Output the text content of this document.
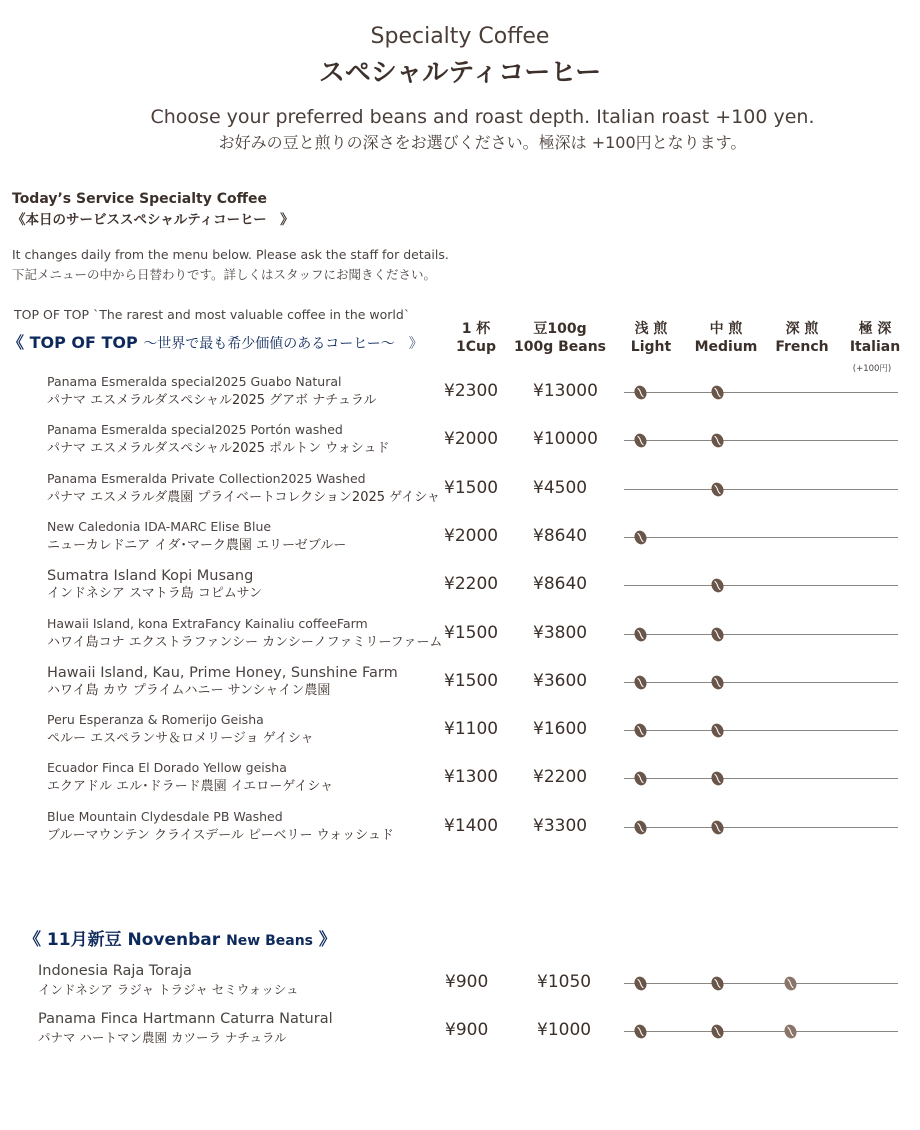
Specialty Coffee
スペシャルティコーヒー
Choose your preferred beans and roast depth. Italian roast +100 yen.
お好みの豆と煎りの深さをお選びください。極深は +100円となります。
Today’s Service Specialty Coffee
《本日のサービススペシャルティコーヒー　》
It changes daily from the menu below. Please ask the staff for details.
下記メニューの中から日替わりです。詳しくはスタッフにお聞きください。
TOP OF TOP `The rarest and most valuable coffee in the world`
《 TOP OF TOP 〜世界で最も希少価値のあるコーヒー〜　》
1 杯
1Cup
豆100g
100g Beans
浅 煎
Light
中 煎
Medium
深 煎
French
極 深
Italian
(+100円)
Panama Esmeralda special2025 Guabo Natural
パナマ エスメラルダスペシャル2025 グアボ ナチュラル	¥2300 ¥13000
Panama Esmeralda special2025 Portón washed
パナマ エスメラルダスペシャル2025 ポルトン ウォシュド	¥2000 ¥10000
Panama Esmeralda Private Collection2025 Washed
パナマ エスメラルダ農園 プライベートコレクション2025 ゲイシャ ¥1500 ¥4500
New Caledonia IDA-MARC Elise Blue
ニューカレドニア イダ･マーク農園 エリーゼブルー	¥2000 ¥8640
Sumatra Island Kopi Musang
インドネシア スマトラ島 コピムサン	¥2200 ¥8640
Hawaii Island, kona ExtraFancy Kainaliu coffeeFarm
ハワイ島コナ エクストラファンシー カンシーノファミリーファーム ¥1500 ¥3800
Hawaii Island, Kau, Prime Honey, Sunshine Farm
ハワイ島 カウ プライムハニー サンシャイン農園	¥1500 ¥3600
Peru Esperanza & Romerijo Geisha
ペルー エスペランサ＆ロメリージョ ゲイシャ	¥1100 ¥1600
Ecuador Finca El Dorado Yellow geisha
エクアドル エル･ドラード農園 イエローゲイシャ	¥1300 ¥2200
Blue Mountain Clydesdale PB Washed
ブルーマウンテン クライスデール ピーベリー ウォッシュド	¥1400 ¥3300
《 11月新豆 Novenbar New Beans 》
Indonesia Raja Toraja
インドネシア ラジャ トラジャ セミウォッシュ	¥900	¥1050
Panama Finca Hartmann Caturra Natural
パナマ ハートマン農園 カツーラ ナチュラル	¥900	¥1000
